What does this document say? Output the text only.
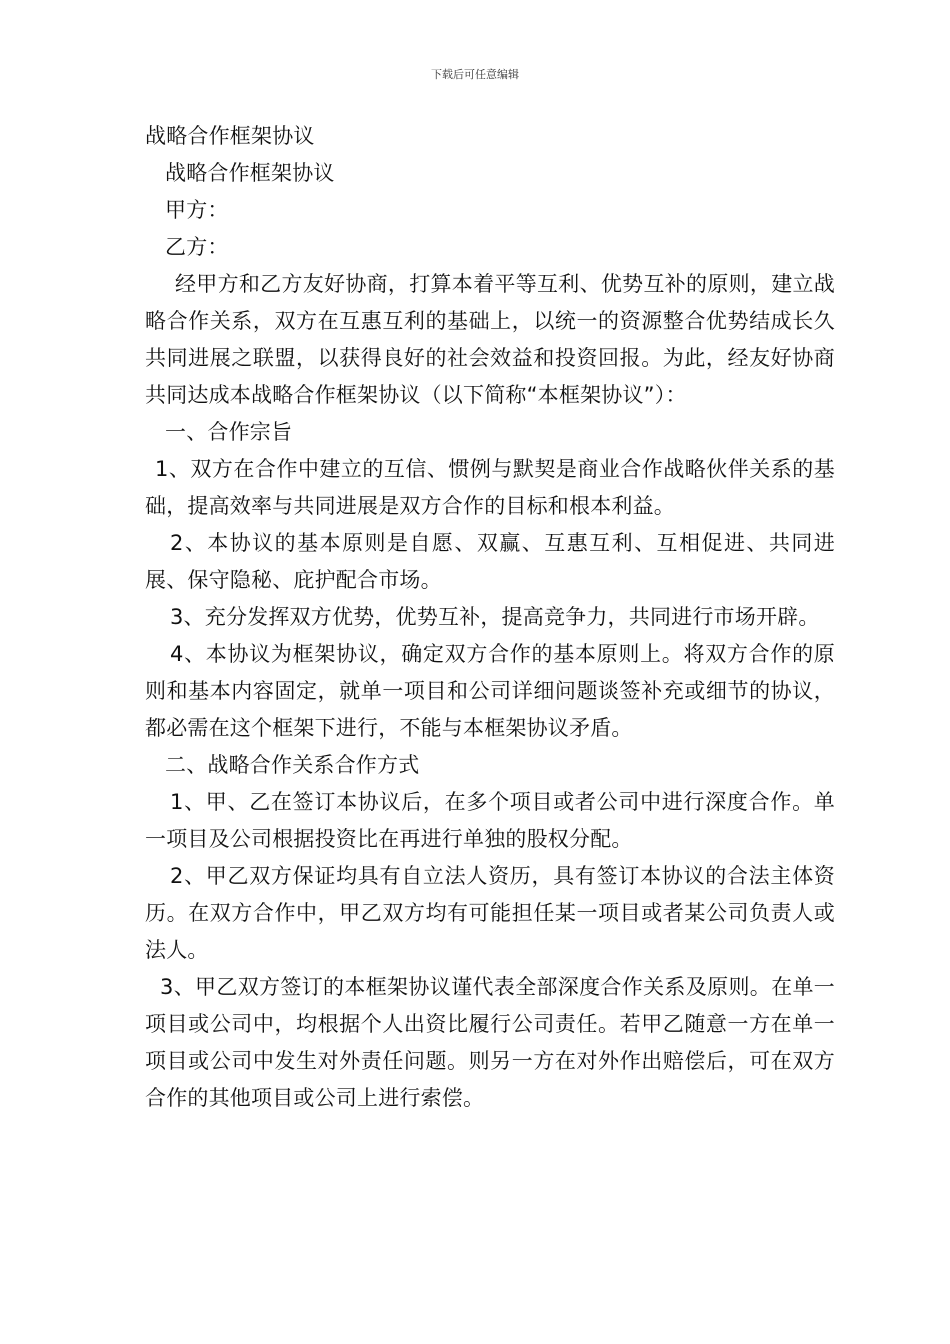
下载后可任意编辑
战略合作框架协议
战略合作框架协议
甲方：
乙方：
经甲方和乙方友好协商，打算本着平等互利、优势互补的原则，建立战略合作关系，双方在互惠互利的基础上，以统一的资源整合优势结成长久共同进展之联盟，以获得良好的社会效益和投资回报。为此，经友好协商共同达成本战略合作框架协议（以下简称“本框架协议”）：
一、合作宗旨
1、双方在合作中建立的互信、惯例与默契是商业合作战略伙伴关系的基础，提高效率与共同进展是双方合作的目标和根本利益。
2、本协议的基本原则是自愿、双赢、互惠互利、互相促进、共同进展、保守隐秘、庇护配合市场。
3、充分发挥双方优势，优势互补，提高竞争力，共同进行市场开辟。
4、本协议为框架协议，确定双方合作的基本原则上。将双方合作的原则和基本内容固定，就单一项目和公司详细问题谈签补充或细节的协议，都必需在这个框架下进行，不能与本框架协议矛盾。
二、战略合作关系合作方式
1、甲、乙在签订本协议后，在多个项目或者公司中进行深度合作。单一项目及公司根据投资比在再进行单独的股权分配。
2、甲乙双方保证均具有自立法人资历，具有签订本协议的合法主体资历。在双方合作中，甲乙双方均有可能担任某一项目或者某公司负责人或法人。
3、甲乙双方签订的本框架协议谨代表全部深度合作关系及原则。在单一项目或公司中，均根据个人出资比履行公司责任。若甲乙随意一方在单一项目或公司中发生对外责任问题。则另一方在对外作出赔偿后，可在双方合作的其他项目或公司上进行索偿。
